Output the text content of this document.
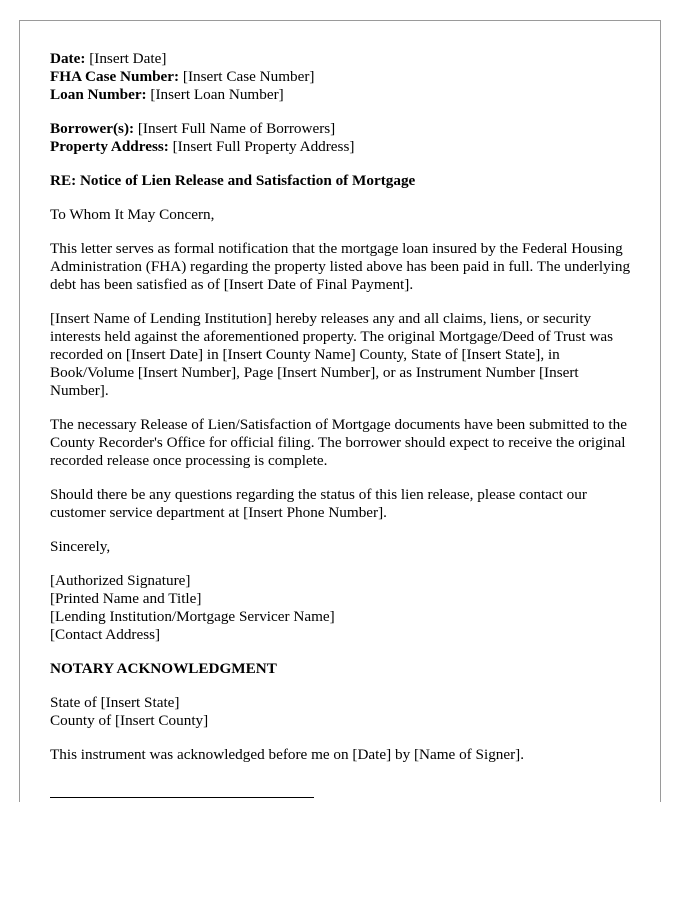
Date: [Insert Date]
FHA Case Number: [Insert Case Number]
Loan Number: [Insert Loan Number]
Borrower(s): [Insert Full Name of Borrowers]
Property Address: [Insert Full Property Address]
RE: Notice of Lien Release and Satisfaction of Mortgage

To Whom It May Concern,

This letter serves as formal notification that the mortgage loan insured by the Federal Housing Administration (FHA) regarding the property listed above has been paid in full. The underlying debt has been satisfied as of [Insert Date of Final Payment].

[Insert Name of Lending Institution] hereby releases any and all claims, liens, or security interests held against the aforementioned property. The original Mortgage/Deed of Trust was recorded on [Insert Date] in [Insert County Name] County, State of [Insert State], in Book/Volume [Insert Number], Page [Insert Number], or as Instrument Number [Insert Number].

The necessary Release of Lien/Satisfaction of Mortgage documents have been submitted to the County Recorder's Office for official filing. The borrower should expect to receive the original recorded release once processing is complete.

Should there be any questions regarding the status of this lien release, please contact our customer service department at [Insert Phone Number].

Sincerely,

[Authorized Signature]
[Printed Name and Title]
[Lending Institution/Mortgage Servicer Name]
[Contact Address]
NOTARY ACKNOWLEDGMENT
State of [Insert State]
County of [Insert County]

This instrument was acknowledged before me on [Date] by [Name of Signer].
